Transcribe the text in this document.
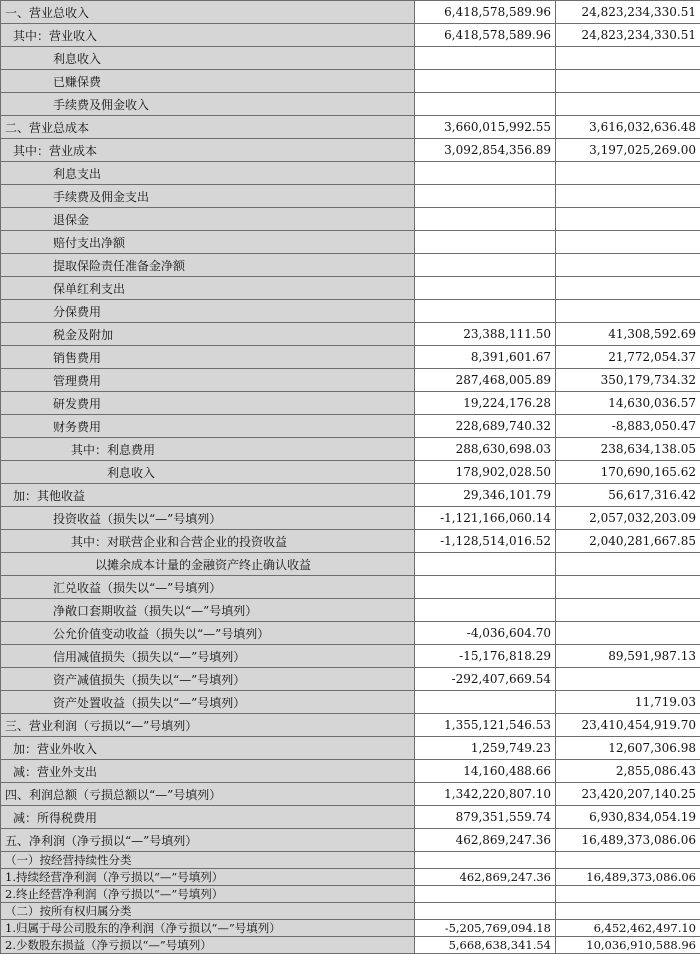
一、营业总收入	6,418,578,589.96	24,823,234,330.51
其中：营业收入	6,418,578,589.96	24,823,234,330.51
利息收入		
已赚保费		
手续费及佣金收入		
二、营业总成本	3,660,015,992.55	3,616,032,636.48
其中：营业成本	3,092,854,356.89	3,197,025,269.00
利息支出		
手续费及佣金支出		
退保金		
赔付支出净额		
提取保险责任准备金净额		
保单红利支出		
分保费用		
税金及附加	23,388,111.50	41,308,592.69
销售费用	8,391,601.67	21,772,054.37
管理费用	287,468,005.89	350,179,734.32
研发费用	19,224,176.28	14,630,036.57
财务费用	228,689,740.32	-8,883,050.47
其中：利息费用	288,630,698.03	238,634,138.05
利息收入	178,902,028.50	170,690,165.62
加：其他收益	29,346,101.79	56,617,316.42
投资收益（损失以“—”号填列）	-1,121,166,060.14	2,057,032,203.09
其中：对联营企业和合营企业的投资收益	-1,128,514,016.52	2,040,281,667.85
以摊余成本计量的金融资产终止确认收益		
汇兑收益（损失以“—”号填列）		
净敞口套期收益（损失以“—”号填列）		
公允价值变动收益（损失以“—”号填列）	-4,036,604.70	
信用减值损失（损失以“—”号填列）	-15,176,818.29	89,591,987.13
资产减值损失（损失以“—”号填列）	-292,407,669.54	
资产处置收益（损失以“—”号填列）		11,719.03
三、营业利润（亏损以“—”号填列）	1,355,121,546.53	23,410,454,919.70
加：营业外收入	1,259,749.23	12,607,306.98
减：营业外支出	14,160,488.66	2,855,086.43
四、利润总额（亏损总额以“—”号填列）	1,342,220,807.10	23,420,207,140.25
减：所得税费用	879,351,559.74	6,930,834,054.19
五、净利润（净亏损以“—”号填列）	462,869,247.36	16,489,373,086.06
（一）按经营持续性分类		
1.持续经营净利润（净亏损以“—”号填列）	462,869,247.36	16,489,373,086.06
2.终止经营净利润（净亏损以“—”号填列）		
（二）按所有权归属分类		
1.归属于母公司股东的净利润（净亏损以“—”号填列）	-5,205,769,094.18	6,452,462,497.10
2.少数股东损益（净亏损以“—”号填列）	5,668,638,341.54	10,036,910,588.96
